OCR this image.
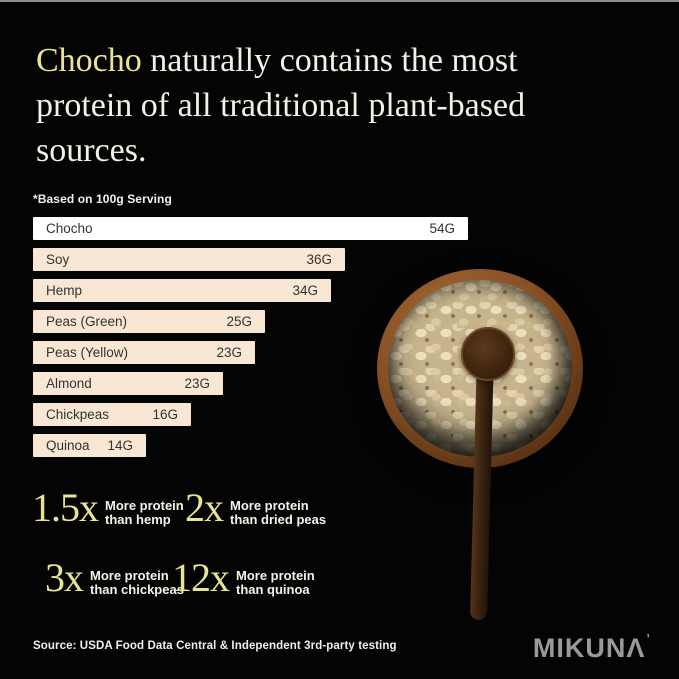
Chocho naturally contains the most
protein of all traditional plant-based
sources.
*Based on 100g Serving
Chocho	54G
Soy	36G
Hemp	34G
Peas (Green)	25G
Peas (Yellow)	23G
Almond	23G
Chickpeas	16G
Quinoa 14G
1.5x More protein
than hemp 2x More protein
than dried peas
3x More protein
than chickpeas
12x More protein
than quinoa
Source: USDA Food Data Central & Independent 3rd-party testing	MIKUNΛ’
